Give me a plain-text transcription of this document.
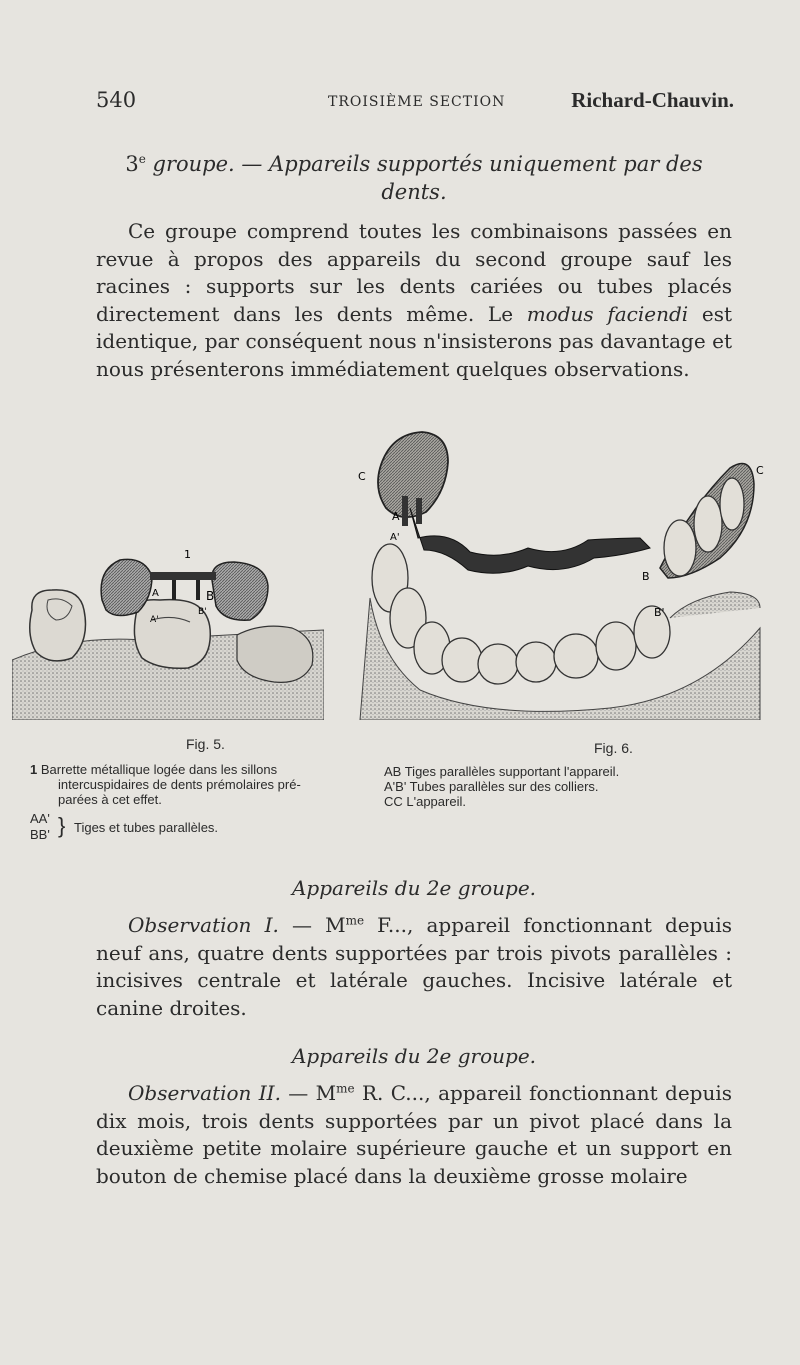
540	TROISIÈME SECTION	Richard-Chauvin.
3e groupe. — Appareils supportés uniquement par des
dents.
Ce groupe comprend toutes les combinaisons passées en revue à propos des appareils du second groupe sauf les racines : supports sur les dents cariées ou tubes placés directement dans les dents même. Le modus faciendi est identique, par conséquent nous n'insisterons pas davantage et nous présenterons immédiatement quelques observations.
1
A	B
A'
B'
C	C
A
A'
B
B'
Fig. 5.	Fig. 6.
1 Barrette métallique logée dans les sillons
intercuspidaires de dents prémolaires pré-
parées à cet effet.
AA'
BB' } Tiges et tubes parallèles.
AB Tiges parallèles supportant l'appareil.
A'B' Tubes parallèles sur des colliers.
CC L'appareil.
Appareils du 2e groupe.
Observation I. — $M^{me}$ F..., appareil fonctionnant depuis neuf ans, quatre dents supportées par trois pivots parallèles : incisives centrale et latérale gauches. Incisive latérale et canine droites.
Appareils du 2e groupe.
Observation II. — $M^{me}$ R. C..., appareil fonctionnant depuis dix mois, trois dents supportées par un pivot placé dans la deuxième petite molaire supérieure gauche et un support en bouton de chemise placé dans la deuxième grosse molaire
